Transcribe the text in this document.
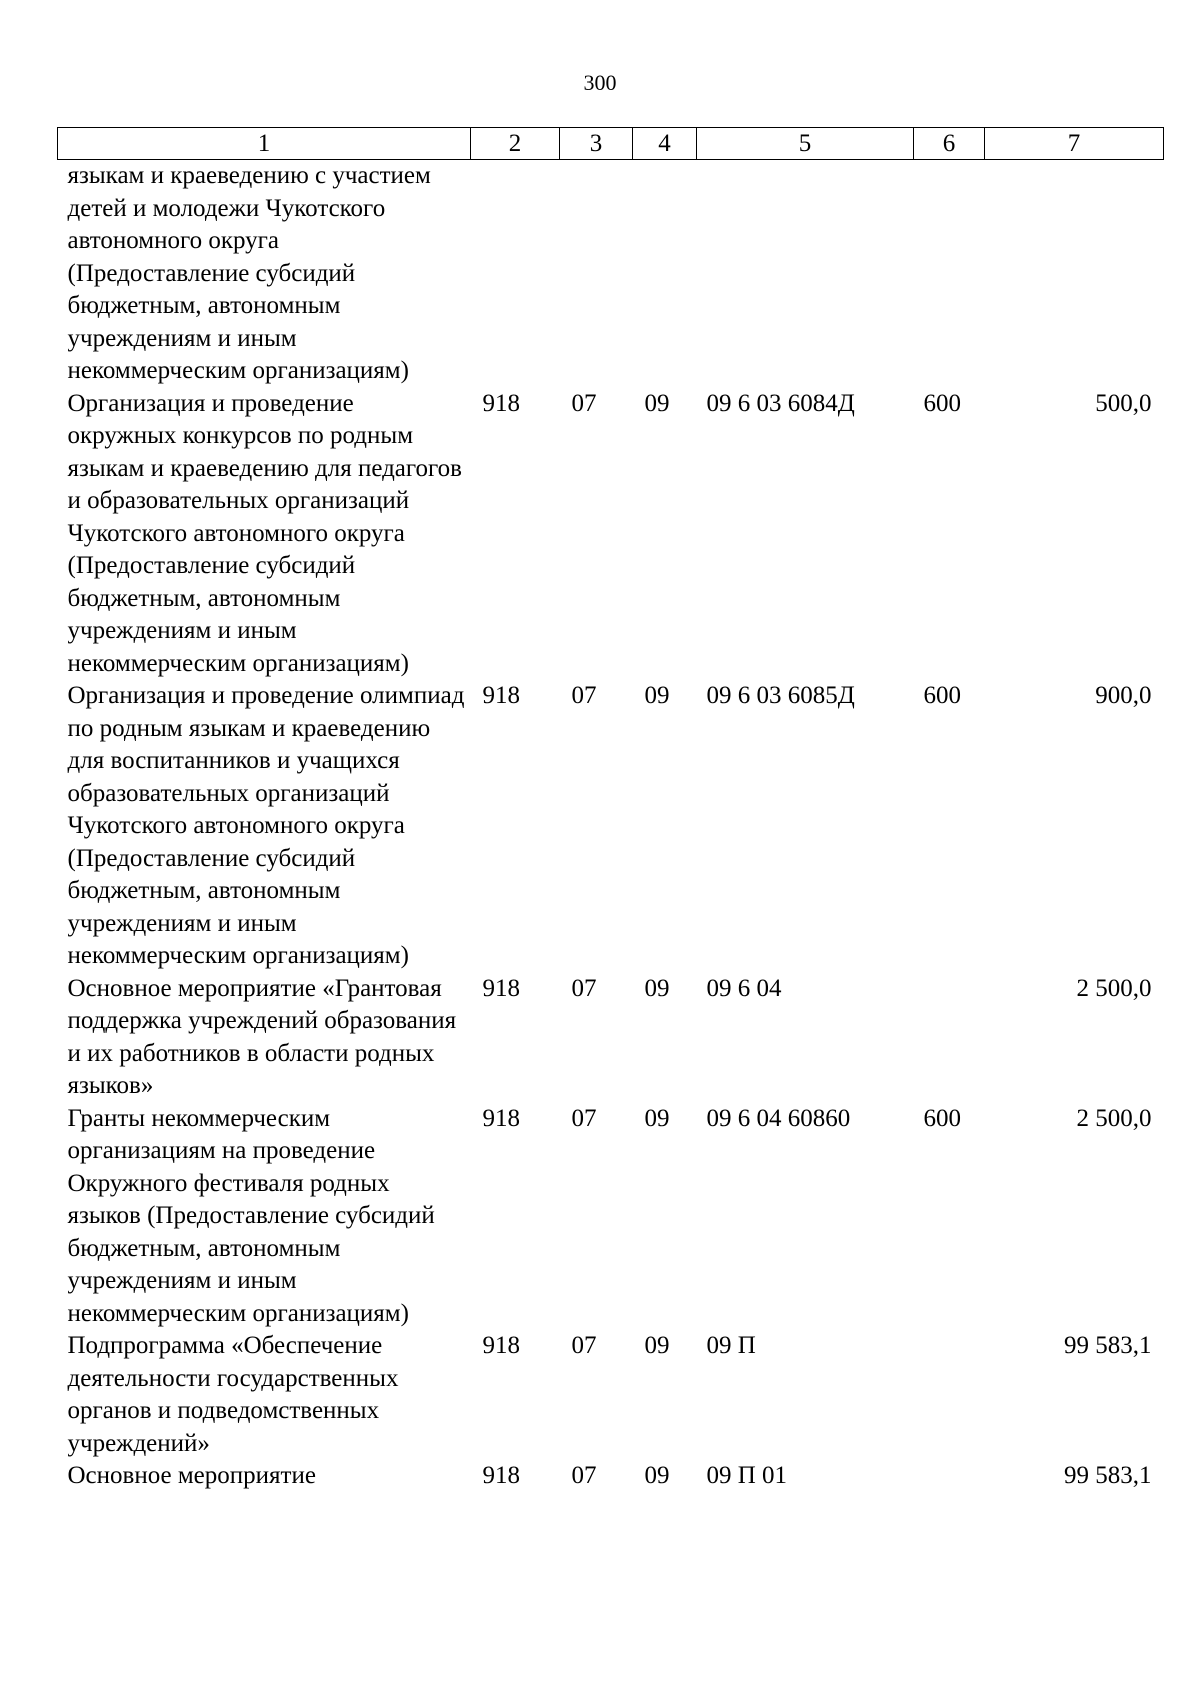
300
1	2	3	4	5	6	7
языкам и краеведению с участием детей и молодежи Чукотского автономного округа (Предоставление субсидий бюджетным, автономным учреждениям и иным некоммерческим организациям)						
Организация и проведение окружных конкурсов по родным языкам и краеведению для педагогов и образовательных организаций Чукотского автономного округа (Предоставление субсидий бюджетным, автономным учреждениям и иным некоммерческим организациям)	918	07	09	09 6 03 6084Д	600	500,0
Организация и проведение олимпиад по родным языкам и краеведению для воспитанников и учащихся образовательных организаций Чукотского автономного округа (Предоставление субсидий бюджетным, автономным учреждениям и иным некоммерческим организациям)	918	07	09	09 6 03 6085Д	600	900,0
Основное мероприятие «Грантовая поддержка учреждений образования и их работников в области родных языков»	918	07	09	09 6 04		2 500,0
Гранты некоммерческим организациям на проведение Окружного фестиваля родных языков (Предоставление субсидий бюджетным, автономным учреждениям и иным некоммерческим организациям)	918	07	09	09 6 04 60860	600	2 500,0
Подпрограмма «Обеспечение деятельности государственных органов и подведомственных учреждений»	918	07	09	09 П		99 583,1
Основное мероприятие	918	07	09	09 П 01		99 583,1
